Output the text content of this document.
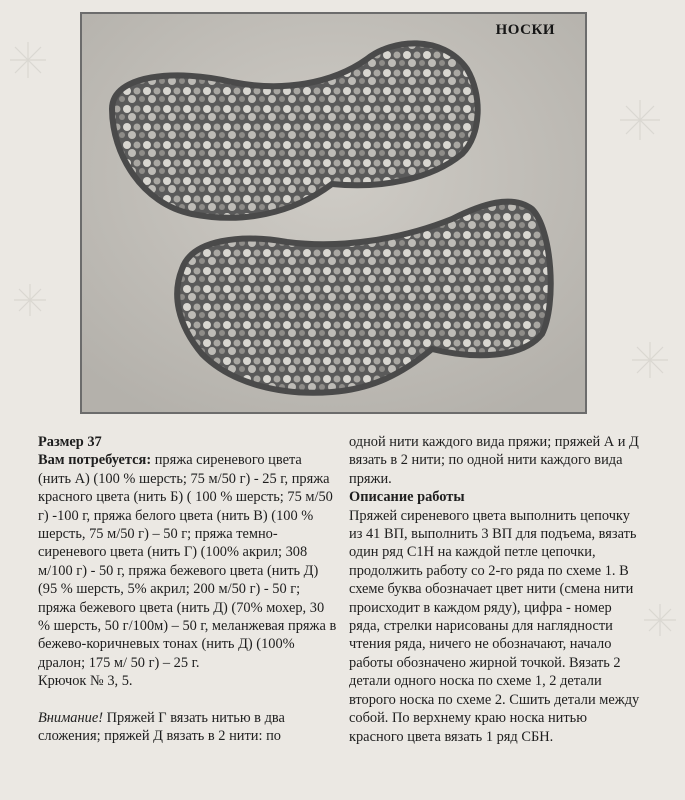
НОСКИ

Размер 37

Вам потребуется: пряжа сиреневого цвета (нить А) (100 % шерсть; 75 м/50 г) - 25 г, пряжа красного цвета (нить Б) ( 100 % шерсть; 75 м/50 г) -100 г, пряжа белого цвета (нить В) (100 % шерсть, 75 м/50 г) – 50 г; пряжа темно-сиреневого цвета (нить Г) (100% акрил; 308 м/100 г) - 50 г, пряжа бежевого цвета (нить Д) (95 % шерсть, 5% акрил; 200 м/50 г) - 50 г; пряжа бежевого цвета (нить Д) (70% мохер, 30 % шерсть, 50 г/100м) – 50 г, меланжевая пряжа в бежево-коричневых тонах (нить Д) (100% дралон; 175 м/ 50 г) – 25 г.

Крючок № 3, 5.

Внимание! Пряжей Г вязать нитью в два сложения; пряжей Д вязать в 2 нити: по

одной нити каждого вида пряжи; пряжей А и Д вязать в 2 нити; по одной нити каждого вида пряжи.

Описание работы

Пряжей сиреневого цвета выполнить цепочку из 41 ВП, выполнить 3 ВП для подъема, вязать один ряд С1Н на каждой петле цепочки, продолжить работу со 2-го ряда по схеме 1. В схеме буква обозначает цвет нити (смена нити происходит в каждом ряду), цифра - номер ряда, стрелки нарисованы для наглядности чтения ряда, ничего не обозначают, начало работы обозначено жирной точкой. Вязать 2 детали одного носка по схеме 1, 2 детали второго носка по схеме 2. Сшить детали между собой. По верхнему краю носка нитью красного цвета вязать 1 ряд СБН.
